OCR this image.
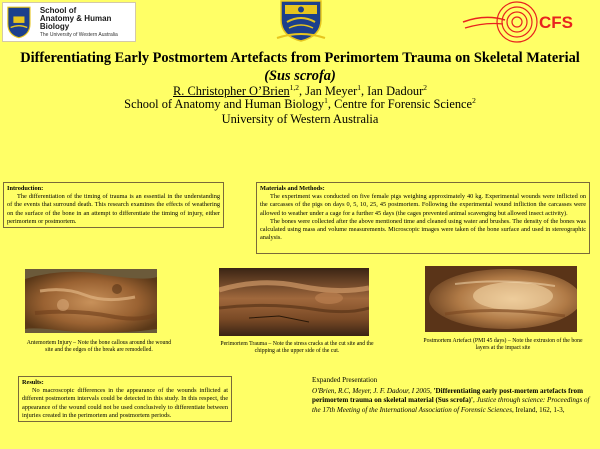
School of
Anatomy & Human Biology
The University of Western Australia
CFS
Differentiating Early Postmortem Artefacts from Perimortem Trauma on Skeletal Material
(Sus scrofa)
R. Christopher O’Brien$^{1,2}$, Jan Meyer$^1$, Ian Dadour$^2$
School of Anatomy and Human Biology$^1$, Centre for Forensic Science$^2$
University of Western Australia
Introduction:

The differentiation of the timing of trauma is an essential in the understanding of the events that surround death. This research examines the effects of weathering on the surface of the bone in an attempt to differentiate the timing of injury, either perimortem or postmortem.

Materials and Methods:

The experiment was conducted on five female pigs weighing approximately 40 kg. Experimental wounds were inflicted on the carcasses of the pigs on days 0, 5, 10, 25, 45 postmortem. Following the experimental wound infliction the carcasses were allowed to weather under a cage for a further 45 days (the cages prevented animal scavenging but allowed insect activity).

The bones were collected after the above mentioned time and cleaned using water and brushes. The density of the bones was calculated using mass and volume measurements. Microscopic images were taken of the bone surface and used in stereographic analysis.

Antemortem Injury – Note the bone callous around the wound site and the edges of the break are remodelled.
Perimortem Trauma – Note the stress cracks at the cut site and the chipping at the upper side of the cut.
Postmortem Artefact (PMI 45 days) – Note the extrusion of the bone layers at the impact site
Results:

No macroscopic differences in the appearance of the wounds inflicted at different postmortem intervals could be detected in this study. In this respect, the appearance of the wound could not be used conclusively to differentiate between injuries created in the perimortem and postmortem periods.

Expanded Presentation
O'Brien, R.C, Meyer, J. F. Dadour, I 2005, 'Differentiating early post-mortem artefacts from perimortem trauma on skeletal material (Sus scrofa)', Justice through science: Proceedings of the 17th Meeting of the International Association of Forensic Sciences, Ireland, 162, 1-3,
